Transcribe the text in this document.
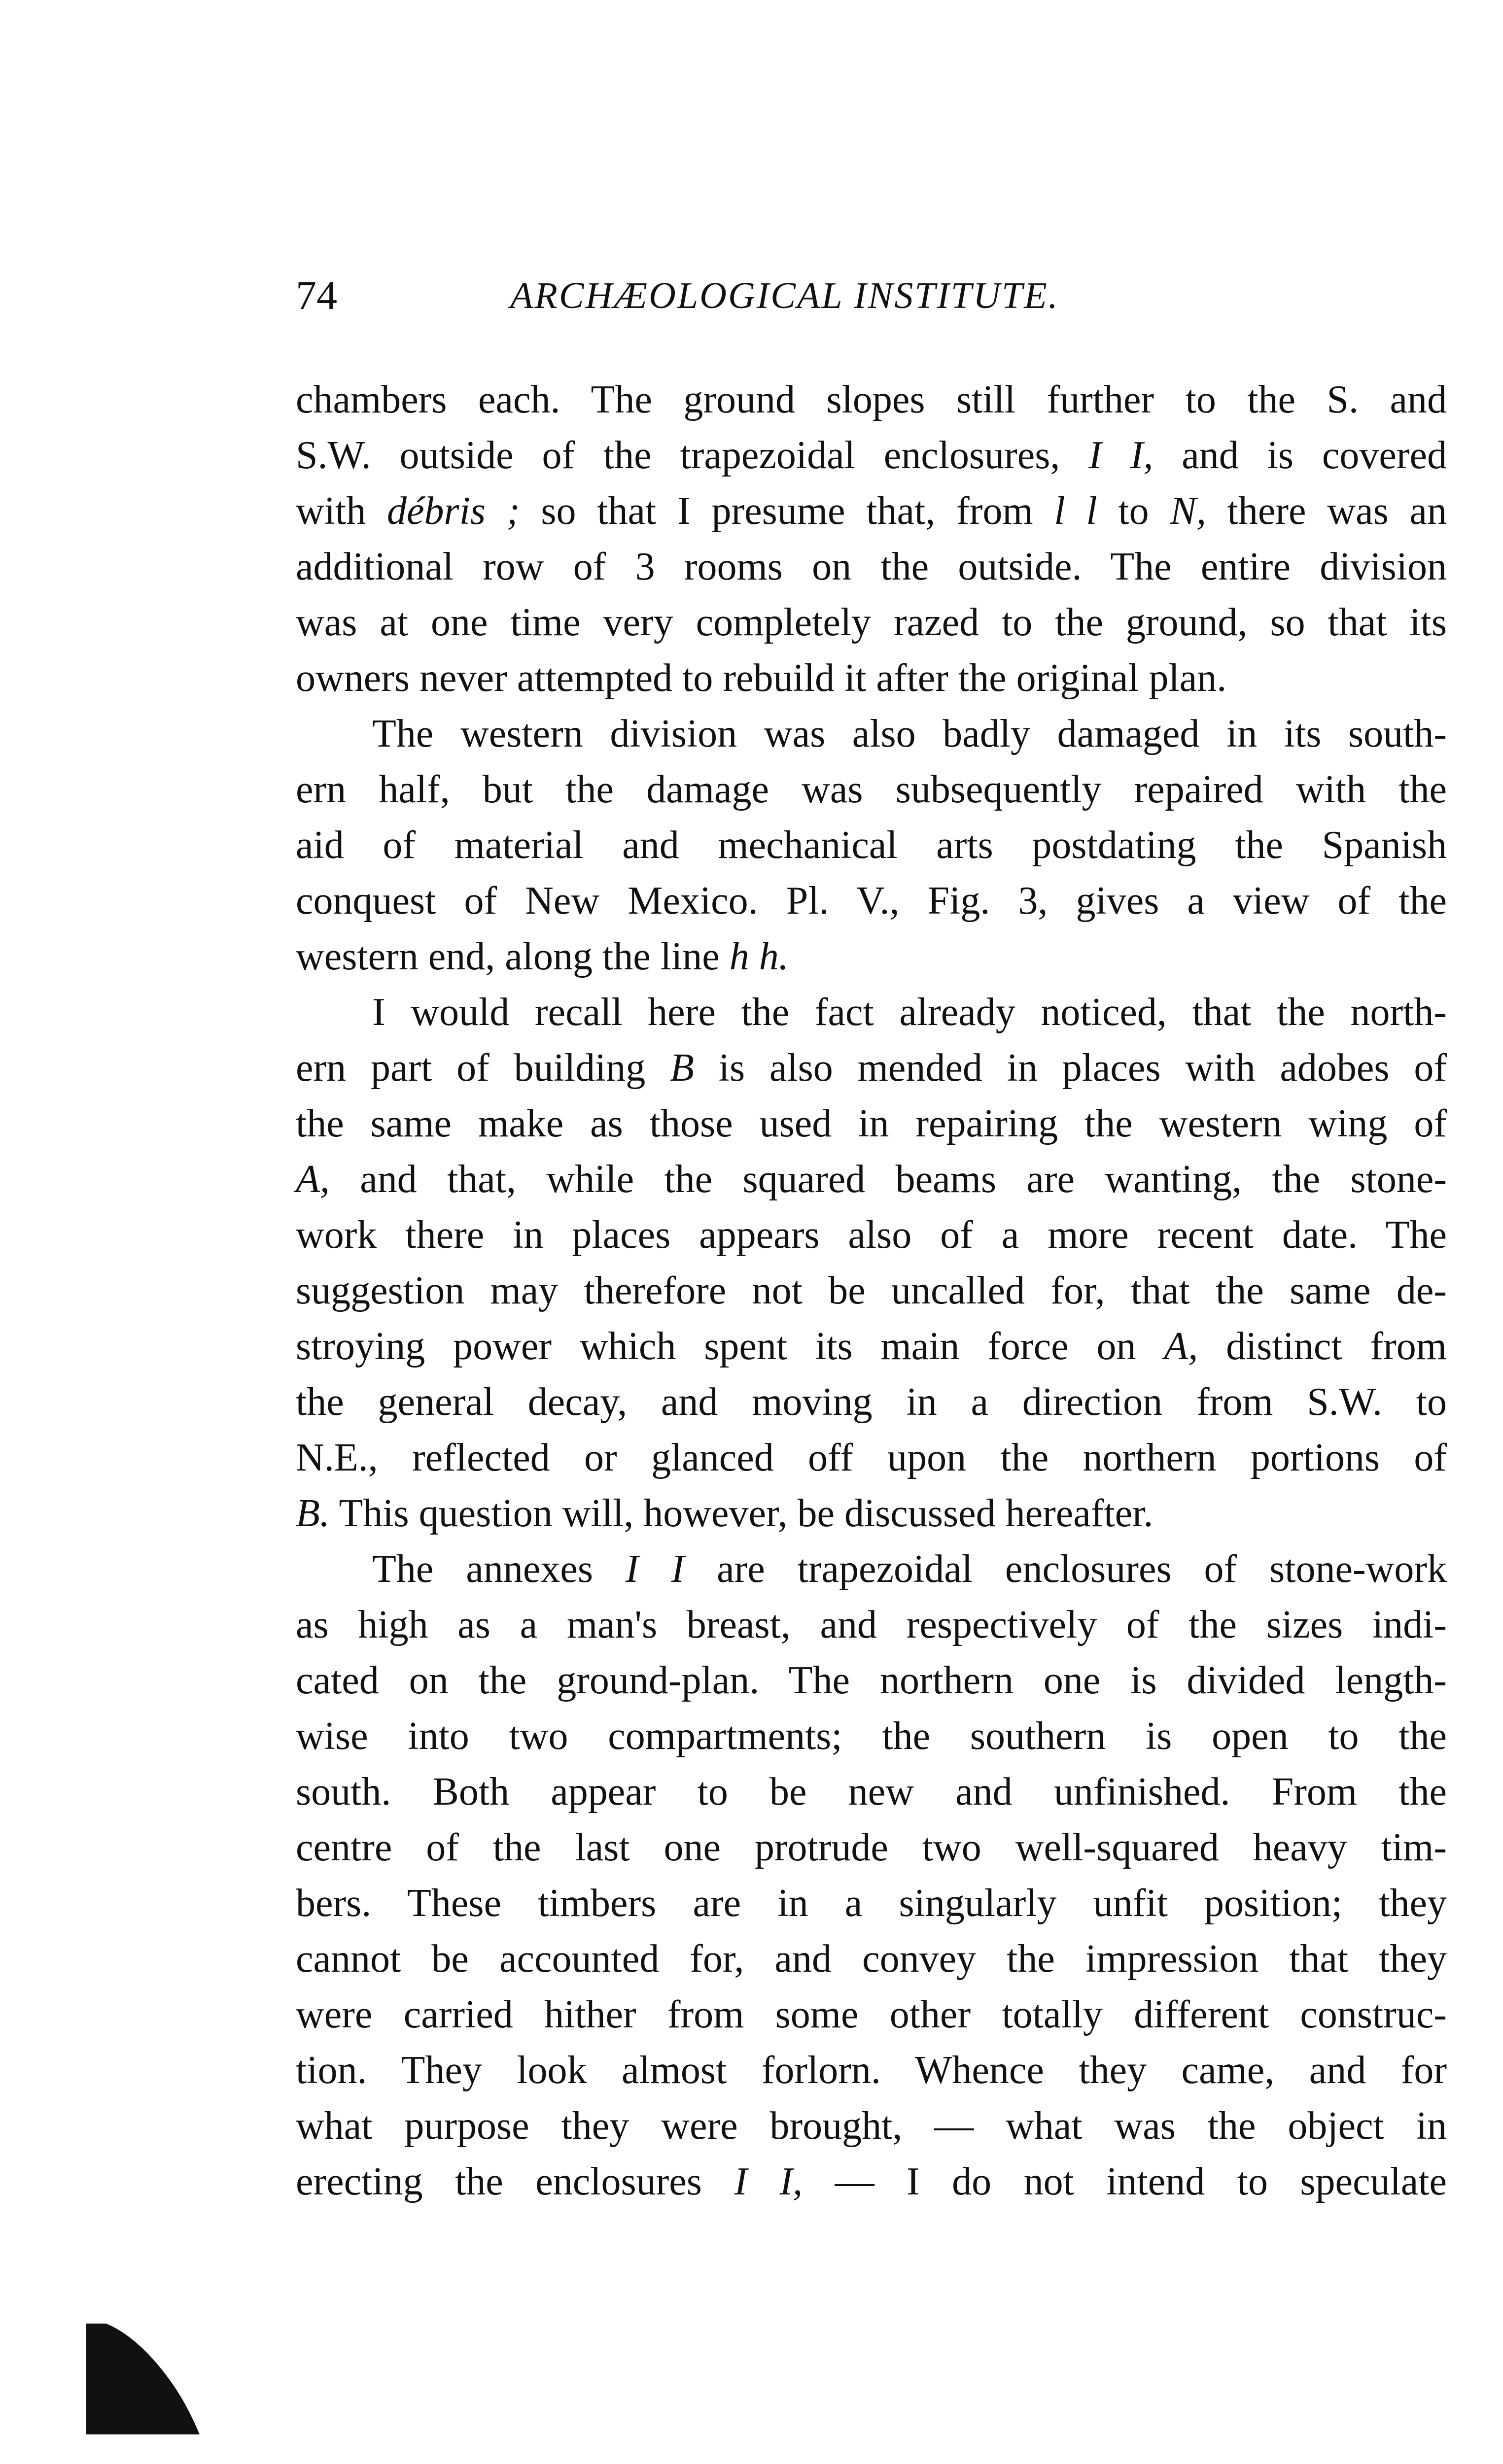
74	ARCHÆOLOGICAL INSTITUTE.
chambers each. The ground slopes still further to the S. and
S.W. outside of the trapezoidal enclosures, I I, and is covered
with débris ; so that I presume that, from l l to N, there was an
additional row of 3 rooms on the outside. The entire division
was at one time very completely razed to the ground, so that its
owners never attempted to rebuild it after the original plan.
The western division was also badly damaged in its south-
ern half, but the damage was subsequently repaired with the
aid of material and mechanical arts postdating the Spanish
conquest of New Mexico. Pl. V., Fig. 3, gives a view of the
western end, along the line h h.
I would recall here the fact already noticed, that the north-
ern part of building B is also mended in places with adobes of
the same make as those used in repairing the western wing of
A, and that, while the squared beams are wanting, the stone-
work there in places appears also of a more recent date. The
suggestion may therefore not be uncalled for, that the same de-
stroying power which spent its main force on A, distinct from
the general decay, and moving in a direction from S.W. to
N.E., reflected or glanced off upon the northern portions of
B. This question will, however, be discussed hereafter.
The annexes I I are trapezoidal enclosures of stone-work
as high as a man's breast, and respectively of the sizes indi-
cated on the ground-plan. The northern one is divided length-
wise into two compartments; the southern is open to the
south. Both appear to be new and unfinished. From the
centre of the last one protrude two well-squared heavy tim-
bers. These timbers are in a singularly unfit position; they
cannot be accounted for, and convey the impression that they
were carried hither from some other totally different construc-
tion. They look almost forlorn. Whence they came, and for
what purpose they were brought, — what was the object in
erecting the enclosures I I, — I do not intend to speculate
